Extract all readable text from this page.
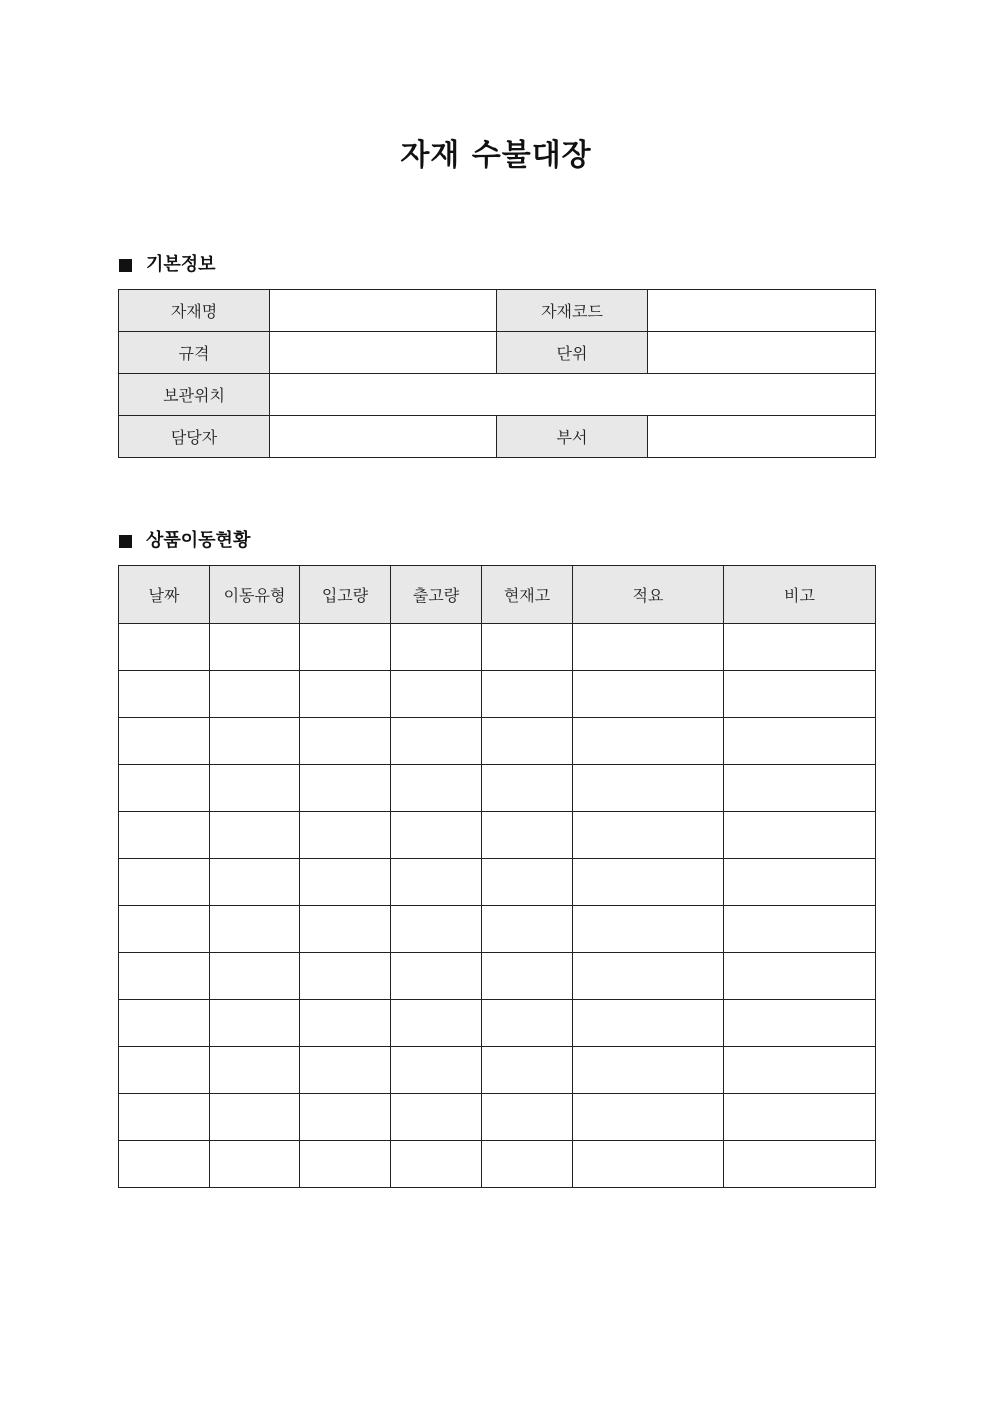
자재 수불대장
기본정보
자재명		자재코드	
규격		단위	
보관위치			
담당자		부서	
상품이동현황
날짜	이동유형	입고량	출고량	현재고	적요	비고
